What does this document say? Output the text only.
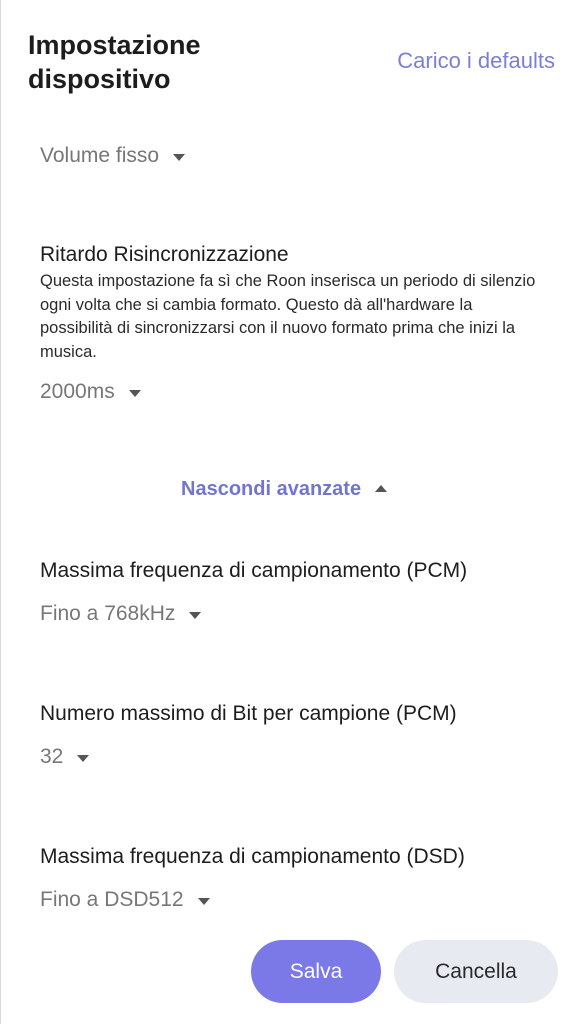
Impostazione
dispositivo
Carico i defaults
Volume fisso
Ritardo Risincronizzazione
Questa impostazione fa sì che Roon inserisca un periodo di silenzio ogni volta che si cambia formato. Questo dà all'hardware la possibilità di sincronizzarsi con il nuovo formato prima che inizi la musica.
2000ms
Nascondi avanzate
Massima frequenza di campionamento (PCM)
Fino a 768kHz
Numero massimo di Bit per campione (PCM)
32
Massima frequenza di campionamento (DSD)
Fino a DSD512
Salva	Cancella
